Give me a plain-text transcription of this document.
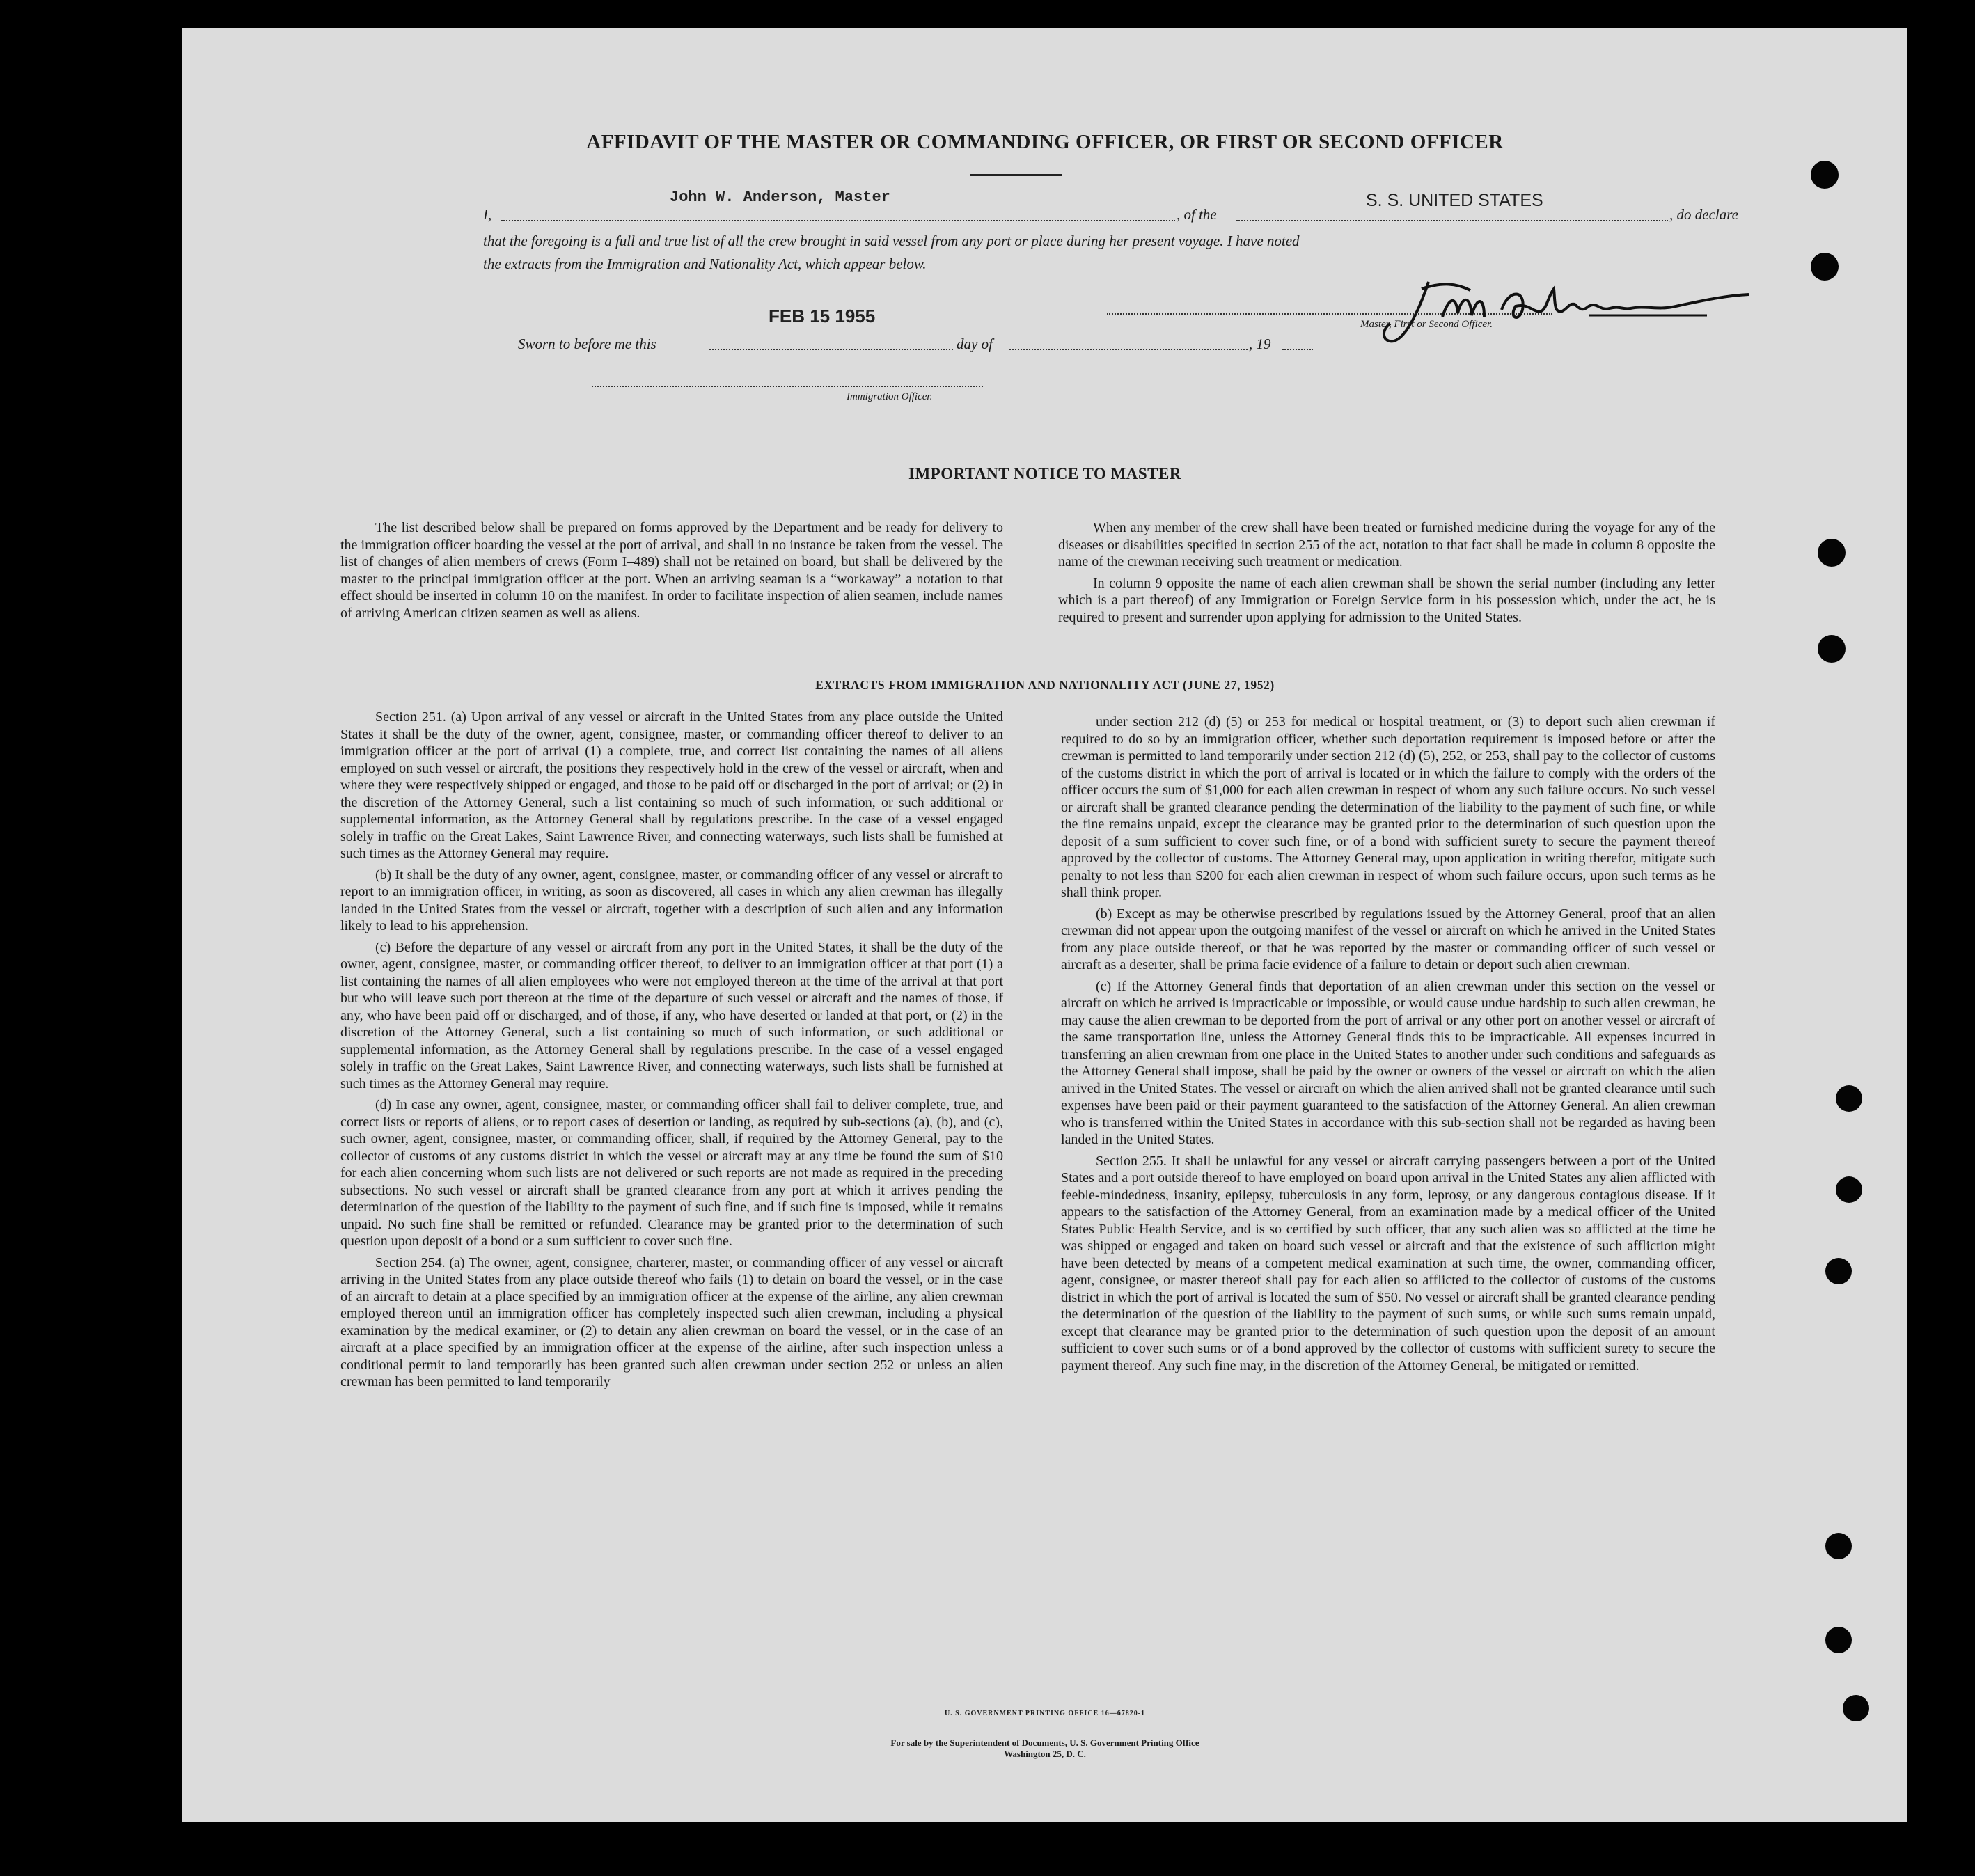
AFFIDAVIT OF THE MASTER OR COMMANDING OFFICER, OR FIRST OR SECOND OFFICER
I,
John W. Anderson, Master
, of the
S. S. UNITED STATES
, do declare
that the foregoing is a full and true list of all the crew brought in said vessel from any port or place during her present voyage. I have noted
the extracts from the Immigration and Nationality Act, which appear below.
FEB 15 1955	Master, First or Second Officer.
Sworn to before me this	day of	, 19
Immigration Officer.
IMPORTANT NOTICE TO MASTER

The list described below shall be prepared on forms approved by the Department and be ready for delivery to the immigration officer boarding the vessel at the port of arrival, and shall in no instance be taken from the vessel. The list of changes of alien members of crews (Form I–489) shall not be retained on board, but shall be delivered by the master to the principal immigration officer at the port. When an arriving seaman is a “workaway” a notation to that effect should be inserted in column 10 on the manifest. In order to facilitate inspection of alien seamen, include names of arriving American citizen seamen as well as aliens.

When any member of the crew shall have been treated or furnished medicine during the voyage for any of the diseases or disabilities specified in section 255 of the act, notation to that fact shall be made in column 8 opposite the name of the crewman receiving such treatment or medication.

In column 9 opposite the name of each alien crewman shall be shown the serial number (including any letter which is a part thereof) of any Immigration or Foreign Service form in his possession which, under the act, he is required to present and surrender upon applying for admission to the United States.

EXTRACTS FROM IMMIGRATION AND NATIONALITY ACT (JUNE 27, 1952)

Section 251. (a) Upon arrival of any vessel or aircraft in the United States from any place outside the United States it shall be the duty of the owner, agent, consignee, master, or commanding officer thereof to deliver to an immigration officer at the port of arrival (1) a complete, true, and correct list containing the names of all aliens employed on such vessel or aircraft, the positions they respectively hold in the crew of the vessel or aircraft, when and where they were respectively shipped or engaged, and those to be paid off or discharged in the port of arrival; or (2) in the discretion of the Attorney General, such a list containing so much of such information, or such additional or supplemental information, as the Attorney General shall by regulations prescribe. In the case of a vessel engaged solely in traffic on the Great Lakes, Saint Lawrence River, and connecting waterways, such lists shall be furnished at such times as the Attorney General may require.

(b) It shall be the duty of any owner, agent, consignee, master, or commanding officer of any vessel or aircraft to report to an immigration officer, in writing, as soon as discovered, all cases in which any alien crewman has illegally landed in the United States from the vessel or aircraft, together with a description of such alien and any information likely to lead to his apprehension.

(c) Before the departure of any vessel or aircraft from any port in the United States, it shall be the duty of the owner, agent, consignee, master, or commanding officer thereof, to deliver to an immigration officer at that port (1) a list containing the names of all alien employees who were not employed thereon at the time of the arrival at that port but who will leave such port thereon at the time of the departure of such vessel or aircraft and the names of those, if any, who have been paid off or discharged, and of those, if any, who have deserted or landed at that port, or (2) in the discretion of the Attorney General, such a list containing so much of such information, or such additional or supplemental information, as the Attorney General shall by regulations prescribe. In the case of a vessel engaged solely in traffic on the Great Lakes, Saint Lawrence River, and connecting waterways, such lists shall be furnished at such times as the Attorney General may require.

(d) In case any owner, agent, consignee, master, or commanding officer shall fail to deliver complete, true, and correct lists or reports of aliens, or to report cases of desertion or landing, as required by sub-sections (a), (b), and (c), such owner, agent, consignee, master, or commanding officer, shall, if required by the Attorney General, pay to the collector of customs of any customs district in which the vessel or aircraft may at any time be found the sum of $10 for each alien concerning whom such lists are not delivered or such reports are not made as required in the preceding subsections. No such vessel or aircraft shall be granted clearance from any port at which it arrives pending the determination of the question of the liability to the payment of such fine, and if such fine is imposed, while it remains unpaid. No such fine shall be remitted or refunded. Clearance may be granted prior to the determination of such question upon deposit of a bond or a sum sufficient to cover such fine.

Section 254. (a) The owner, agent, consignee, charterer, master, or commanding officer of any vessel or aircraft arriving in the United States from any place outside thereof who fails (1) to detain on board the vessel, or in the case of an aircraft to detain at a place specified by an immigration officer at the expense of the airline, any alien crewman employed thereon until an immigration officer has completely inspected such alien crewman, including a physical examination by the medical examiner, or (2) to detain any alien crewman on board the vessel, or in the case of an aircraft at a place specified by an immigration officer at the expense of the airline, after such inspection unless a conditional permit to land temporarily has been granted such alien crewman under section 252 or unless an alien crewman has been permitted to land temporarily

under section 212 (d) (5) or 253 for medical or hospital treatment, or (3) to deport such alien crewman if required to do so by an immigration officer, whether such deportation requirement is imposed before or after the crewman is permitted to land temporarily under section 212 (d) (5), 252, or 253, shall pay to the collector of customs of the customs district in which the port of arrival is located or in which the failure to comply with the orders of the officer occurs the sum of $1,000 for each alien crewman in respect of whom any such failure occurs. No such vessel or aircraft shall be granted clearance pending the determination of the liability to the payment of such fine, or while the fine remains unpaid, except the clearance may be granted prior to the determination of such question upon the deposit of a sum sufficient to cover such fine, or of a bond with sufficient surety to secure the payment thereof approved by the collector of customs. The Attorney General may, upon application in writing therefor, mitigate such penalty to not less than $200 for each alien crewman in respect of whom such failure occurs, upon such terms as he shall think proper.

(b) Except as may be otherwise prescribed by regulations issued by the Attorney General, proof that an alien crewman did not appear upon the outgoing manifest of the vessel or aircraft on which he arrived in the United States from any place outside thereof, or that he was reported by the master or commanding officer of such vessel or aircraft as a deserter, shall be prima facie evidence of a failure to detain or deport such alien crewman.

(c) If the Attorney General finds that deportation of an alien crewman under this section on the vessel or aircraft on which he arrived is impracticable or impossible, or would cause undue hardship to such alien crewman, he may cause the alien crewman to be deported from the port of arrival or any other port on another vessel or aircraft of the same transportation line, unless the Attorney General finds this to be impracticable. All expenses incurred in transferring an alien crewman from one place in the United States to another under such conditions and safeguards as the Attorney General shall impose, shall be paid by the owner or owners of the vessel or aircraft on which the alien arrived in the United States. The vessel or aircraft on which the alien arrived shall not be granted clearance until such expenses have been paid or their payment guaranteed to the satisfaction of the Attorney General. An alien crewman who is transferred within the United States in accordance with this sub-section shall not be regarded as having been landed in the United States.

Section 255. It shall be unlawful for any vessel or aircraft carrying passengers between a port of the United States and a port outside thereof to have employed on board upon arrival in the United States any alien afflicted with feeble-mindedness, insanity, epilepsy, tuberculosis in any form, leprosy, or any dangerous contagious disease. If it appears to the satisfaction of the Attorney General, from an examination made by a medical officer of the United States Public Health Service, and is so certified by such officer, that any such alien was so afflicted at the time he was shipped or engaged and taken on board such vessel or aircraft and that the existence of such affliction might have been detected by means of a competent medical examination at such time, the owner, commanding officer, agent, consignee, or master thereof shall pay for each alien so afflicted to the collector of customs of the customs district in which the port of arrival is located the sum of $50. No vessel or aircraft shall be granted clearance pending the determination of the question of the liability to the payment of such sums, or while such sums remain unpaid, except that clearance may be granted prior to the determination of such question upon the deposit of an amount sufficient to cover such sums or of a bond approved by the collector of customs with sufficient surety to secure the payment thereof. Any such fine may, in the discretion of the Attorney General, be mitigated or remitted.

U. S. GOVERNMENT PRINTING OFFICE 16—67820-1
For sale by the Superintendent of Documents, U. S. Government Printing Office
Washington 25, D. C.
